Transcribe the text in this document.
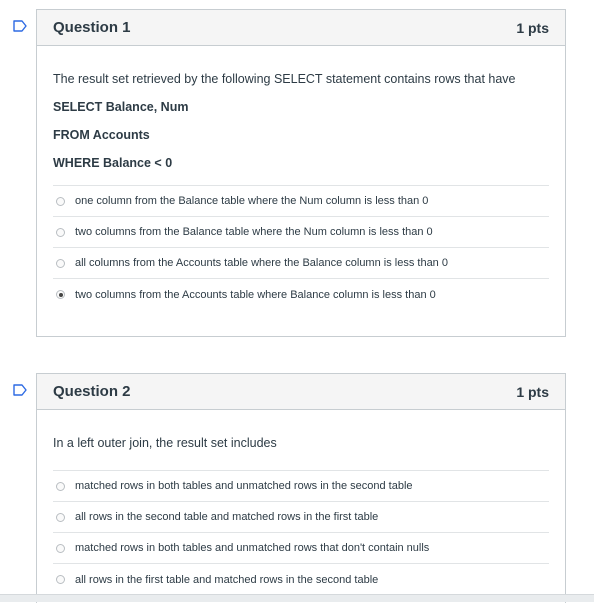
Question 1	1 pts
The result set retrieved by the following SELECT statement contains rows that have
SELECT Balance, Num
FROM Accounts
WHERE Balance < 0
one column from the Balance table where the Num column is less than 0
two columns from the Balance table where the Num column is less than 0
all columns from the Accounts table where the Balance column is less than 0
two columns from the Accounts table where Balance column is less than 0
Question 2	1 pts
In a left outer join, the result set includes
matched rows in both tables and unmatched rows in the second table
all rows in the second table and matched rows in the first table
matched rows in both tables and unmatched rows that don't contain nulls
all rows in the first table and matched rows in the second table
